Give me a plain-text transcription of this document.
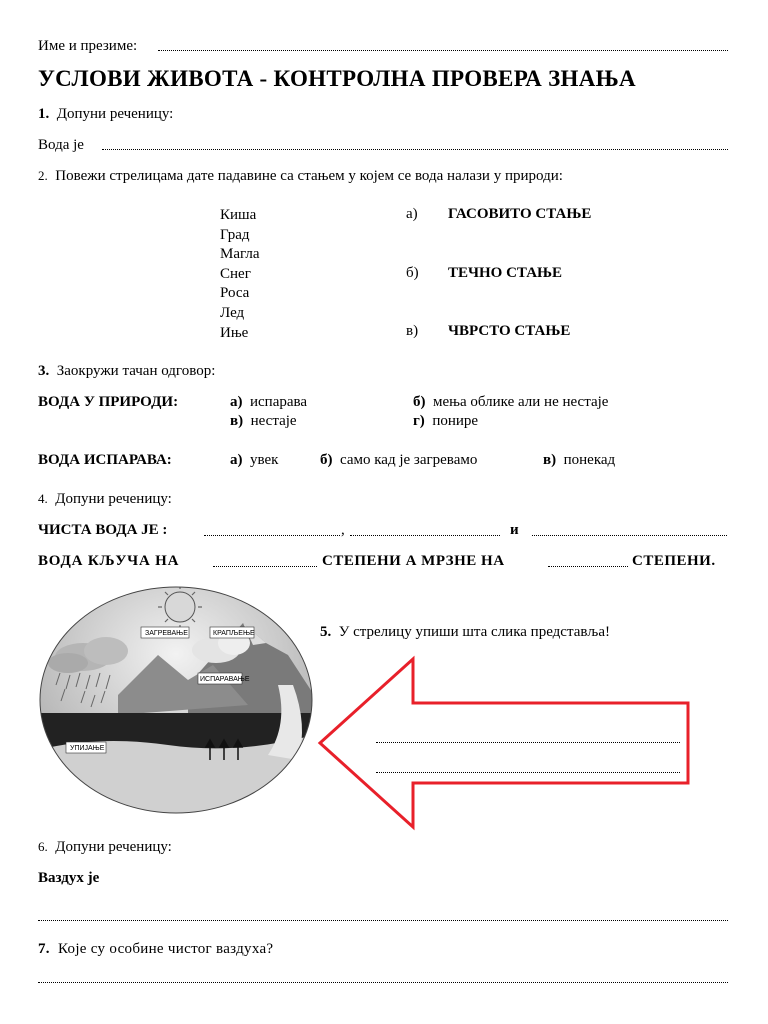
Име и презиме:
УСЛОВИ ЖИВОТА - КОНТРОЛНА ПРОВЕРА ЗНАЊА
1. Допуни реченицу:
Вода је
2. Повежи стрелицама дате падавине са стањем у којем се вода налази у природи:
Киша
Град
Магла
Снег
Роса
Лед
Иње
а) ГАСОВИТО СТАЊЕ
б) ТЕЧНО СТАЊЕ
в) ЧВРСТО СТАЊЕ
3. Заокружи тачан одговор:
ВОДА У ПРИРОДИ:	а) испарава	б) мења облике али не нестаје
в) нестаје	г) понире
ВОДА ИСПАРАВА:	а) увек	б) само кад је загревамо	в) понекад
4. Допуни реченицу:
ЧИСТА ВОДА ЈЕ :	,	и
ВОДА КЉУЧА НА	СТЕПЕНИ А МРЗНЕ НА	СТЕПЕНИ.
ЗАГРЕВАЊЕ	КРАПЉЕЊЕ
ИСПАРАВАЊЕ
УПИЈАЊЕ
5. У стрелицу упиши шта слика представља!
6. Допуни реченицу:
Ваздух је
7. Које су особине чистог ваздуха?
